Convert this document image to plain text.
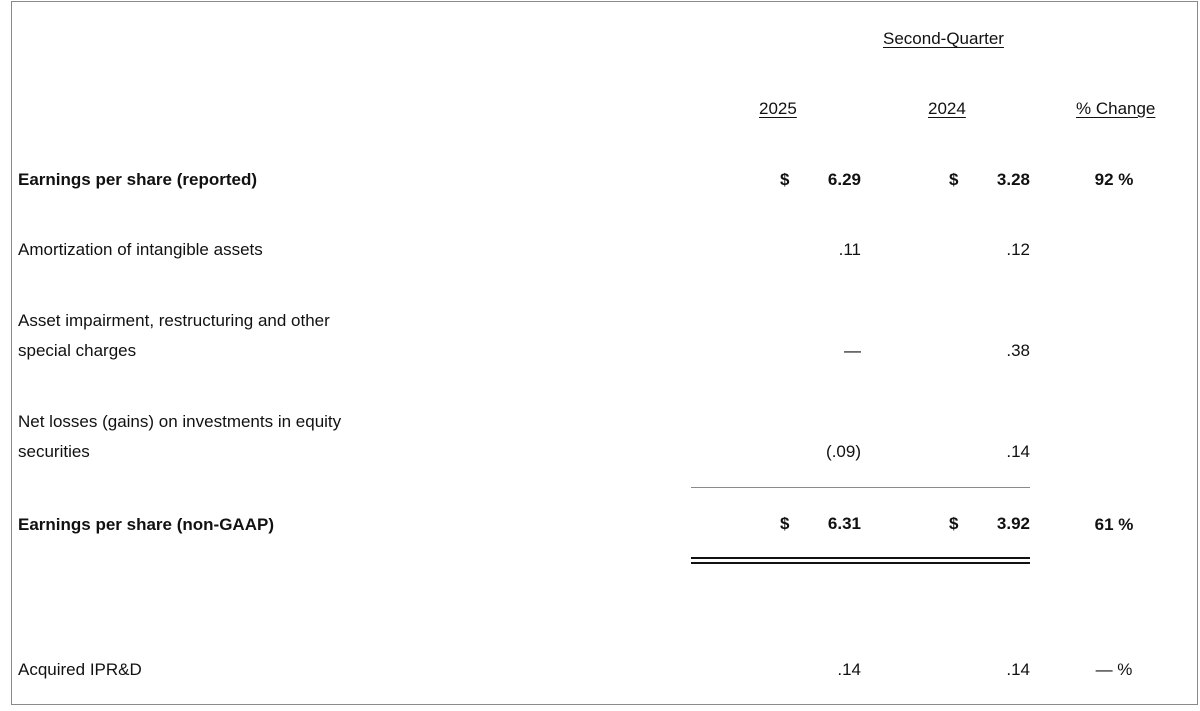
Second-Quarter
2025	2024	% Change
Earnings per share (reported)	$	6.29	$	3.28	92 %
Amortization of intangible assets	.11	.12
Asset impairment, restructuring and other
special charges	—	.38
Net losses (gains) on investments in equity
securities	(.09)	.14
Earnings per share (non-GAAP)	$	6.31	$	3.92	61 %
Acquired IPR&D	.14	.14	— %
